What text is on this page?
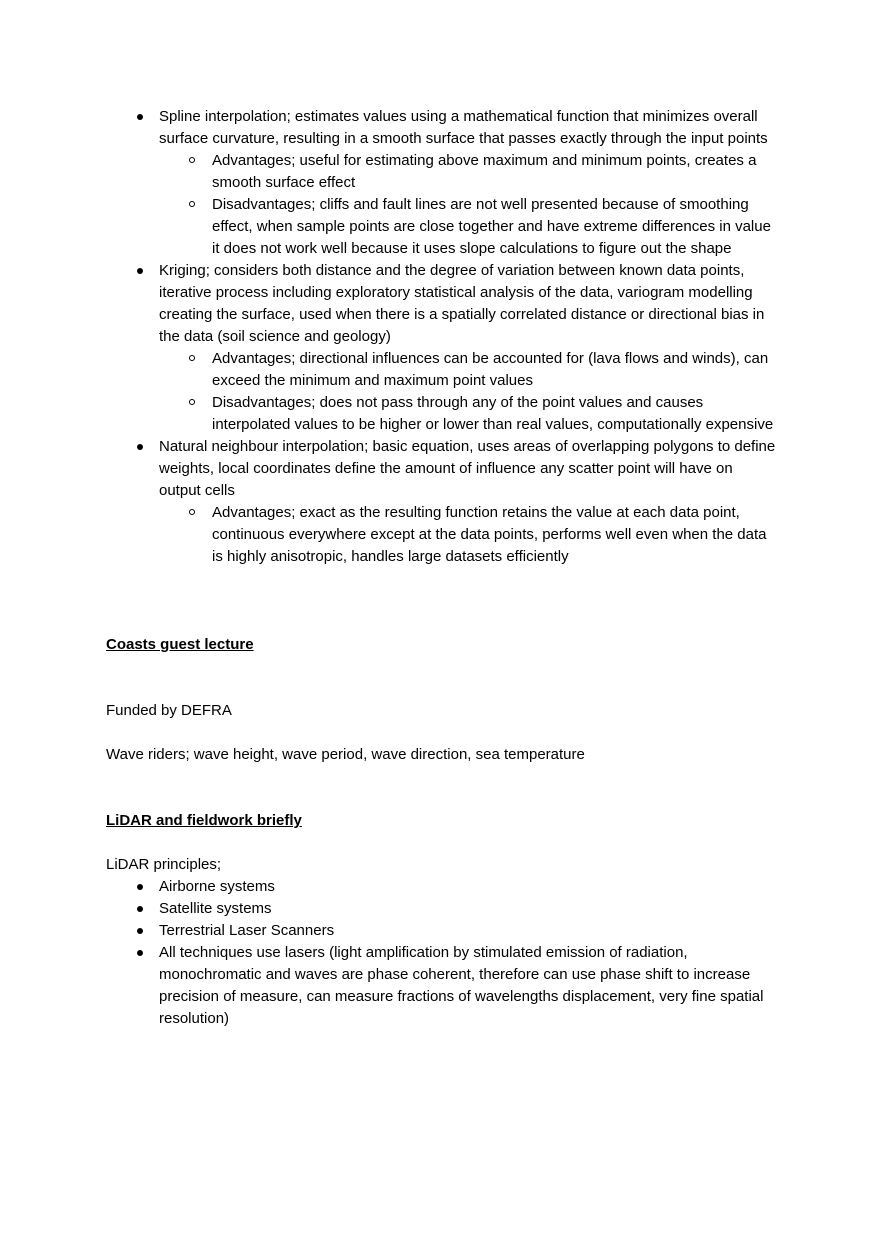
Spline interpolation; estimates values using a mathematical function that minimizes overall surface curvature, resulting in a smooth surface that passes exactly through the input points
Advantages; useful for estimating above maximum and minimum points, creates a smooth surface effect
Disadvantages; cliffs and fault lines are not well presented because of smoothing effect, when sample points are close together and have extreme differences in value it does not work well because it uses slope calculations to figure out the shape
Kriging; considers both distance and the degree of variation between known data points, iterative process including exploratory statistical analysis of the data, variogram modelling creating the surface, used when there is a spatially correlated distance or directional bias in the data (soil science and geology)
Advantages; directional influences can be accounted for (lava flows and winds), can exceed the minimum and maximum point values
Disadvantages; does not pass through any of the point values and causes interpolated values to be higher or lower than real values, computationally expensive
Natural neighbour interpolation; basic equation, uses areas of overlapping polygons to define weights, local coordinates define the amount of influence any scatter point will have on output cells
Advantages; exact as the resulting function retains the value at each data point, continuous everywhere except at the data points, performs well even when the data is highly anisotropic, handles large datasets efficiently

Coasts guest lecture

Funded by DEFRA

Wave riders; wave height, wave period, wave direction, sea temperature

LiDAR and fieldwork briefly

LiDAR principles;

Airborne systems
Satellite systems
Terrestrial Laser Scanners
All techniques use lasers (light amplification by stimulated emission of radiation, monochromatic and waves are phase coherent, therefore can use phase shift to increase precision of measure, can measure fractions of wavelengths displacement, very fine spatial resolution)
